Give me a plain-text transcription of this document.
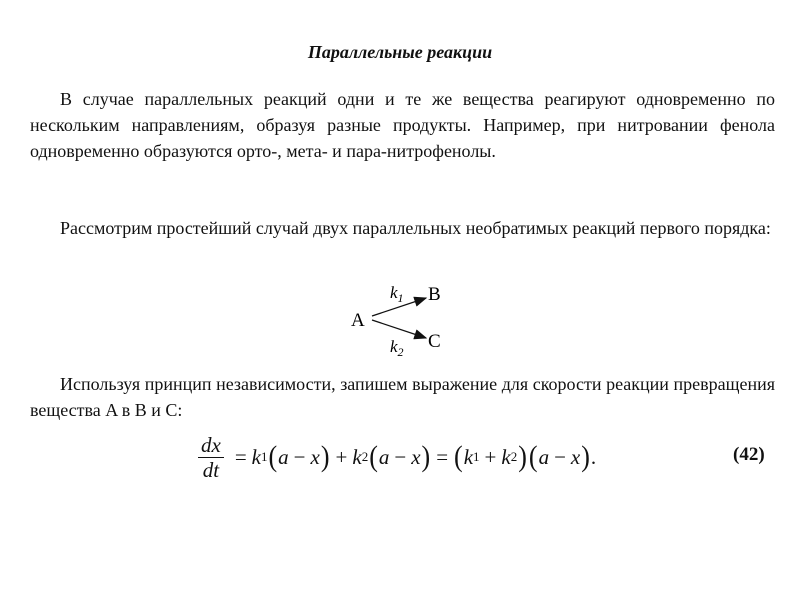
Параллельные реакции
В случае параллельных реакций одни и те же вещества реагируют одновременно по нескольким направлениям, образуя разные продукты. Например, при нитровании фенола одновременно образуются орто-, мета- и пара-нитрофенолы.
Рассмотрим простейший случай двух параллельных необратимых реакций первого порядка:
A
$k_1$
$k_2$
B
C
Используя принцип независимости, запишем выражение для скорости реакции превращения вещества A в B и C:
$\frac{dx}{dt} = k$ 1 ( a − x ) + k 2 ( a − x ) = ( k 1 + k 2 ) ( a − x ) .	(42)
